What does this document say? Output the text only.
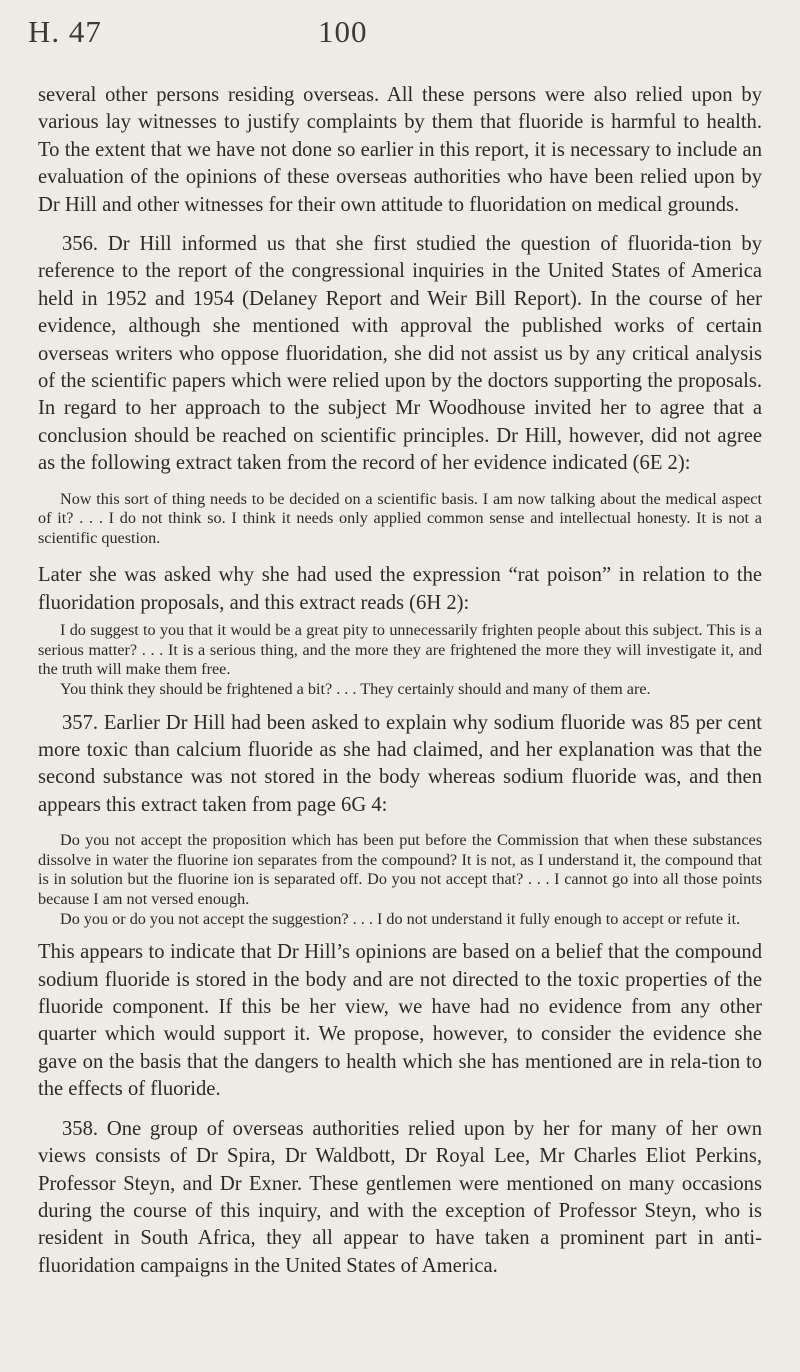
H. 47	100

several other persons residing overseas. All these persons were also relied upon by various lay witnesses to justify complaints by them that fluoride is harmful to health. To the extent that we have not done so earlier in this report, it is necessary to include an evaluation of the opinions of these overseas authorities who have been relied upon by Dr Hill and other witnesses for their own attitude to fluoridation on medical grounds.

356. Dr Hill informed us that she first studied the question of fluorida-tion by reference to the report of the congressional inquiries in the United States of America held in 1952 and 1954 (Delaney Report and Weir Bill Report). In the course of her evidence, although she mentioned with approval the published works of certain overseas writers who oppose fluoridation, she did not assist us by any critical analysis of the scientific papers which were relied upon by the doctors supporting the proposals. In regard to her approach to the subject Mr Woodhouse invited her to agree that a conclusion should be reached on scientific principles. Dr Hill, however, did not agree as the following extract taken from the record of her evidence indicated (6E 2):

Now this sort of thing needs to be decided on a scientific basis. I am now talking about the medical aspect of it? . . . I do not think so. I think it needs only applied common sense and intellectual honesty. It is not a scientific question.

Later she was asked why she had used the expression “rat poison” in relation to the fluoridation proposals, and this extract reads (6H 2):

I do suggest to you that it would be a great pity to unnecessarily frighten people about this subject. This is a serious matter? . . . It is a serious thing, and the more they are frightened the more they will investigate it, and the truth will make them free.

You think they should be frightened a bit? . . . They certainly should and many of them are.

357. Earlier Dr Hill had been asked to explain why sodium fluoride was 85 per cent more toxic than calcium fluoride as she had claimed, and her explanation was that the second substance was not stored in the body whereas sodium fluoride was, and then appears this extract taken from page 6G 4:

Do you not accept the proposition which has been put before the Commission that when these substances dissolve in water the fluorine ion separates from the compound? It is not, as I understand it, the compound that is in solution but the fluorine ion is separated off. Do you not accept that? . . . I cannot go into all those points because I am not versed enough.

Do you or do you not accept the suggestion? . . . I do not understand it fully enough to accept or refute it.

This appears to indicate that Dr Hill’s opinions are based on a belief that the compound sodium fluoride is stored in the body and are not directed to the toxic properties of the fluoride component. If this be her view, we have had no evidence from any other quarter which would support it. We propose, however, to consider the evidence she gave on the basis that the dangers to health which she has mentioned are in rela-tion to the effects of fluoride.

358. One group of overseas authorities relied upon by her for many of her own views consists of Dr Spira, Dr Waldbott, Dr Royal Lee, Mr Charles Eliot Perkins, Professor Steyn, and Dr Exner. These gentlemen were mentioned on many occasions during the course of this inquiry, and with the exception of Professor Steyn, who is resident in South Africa, they all appear to have taken a prominent part in anti-fluoridation campaigns in the United States of America.
